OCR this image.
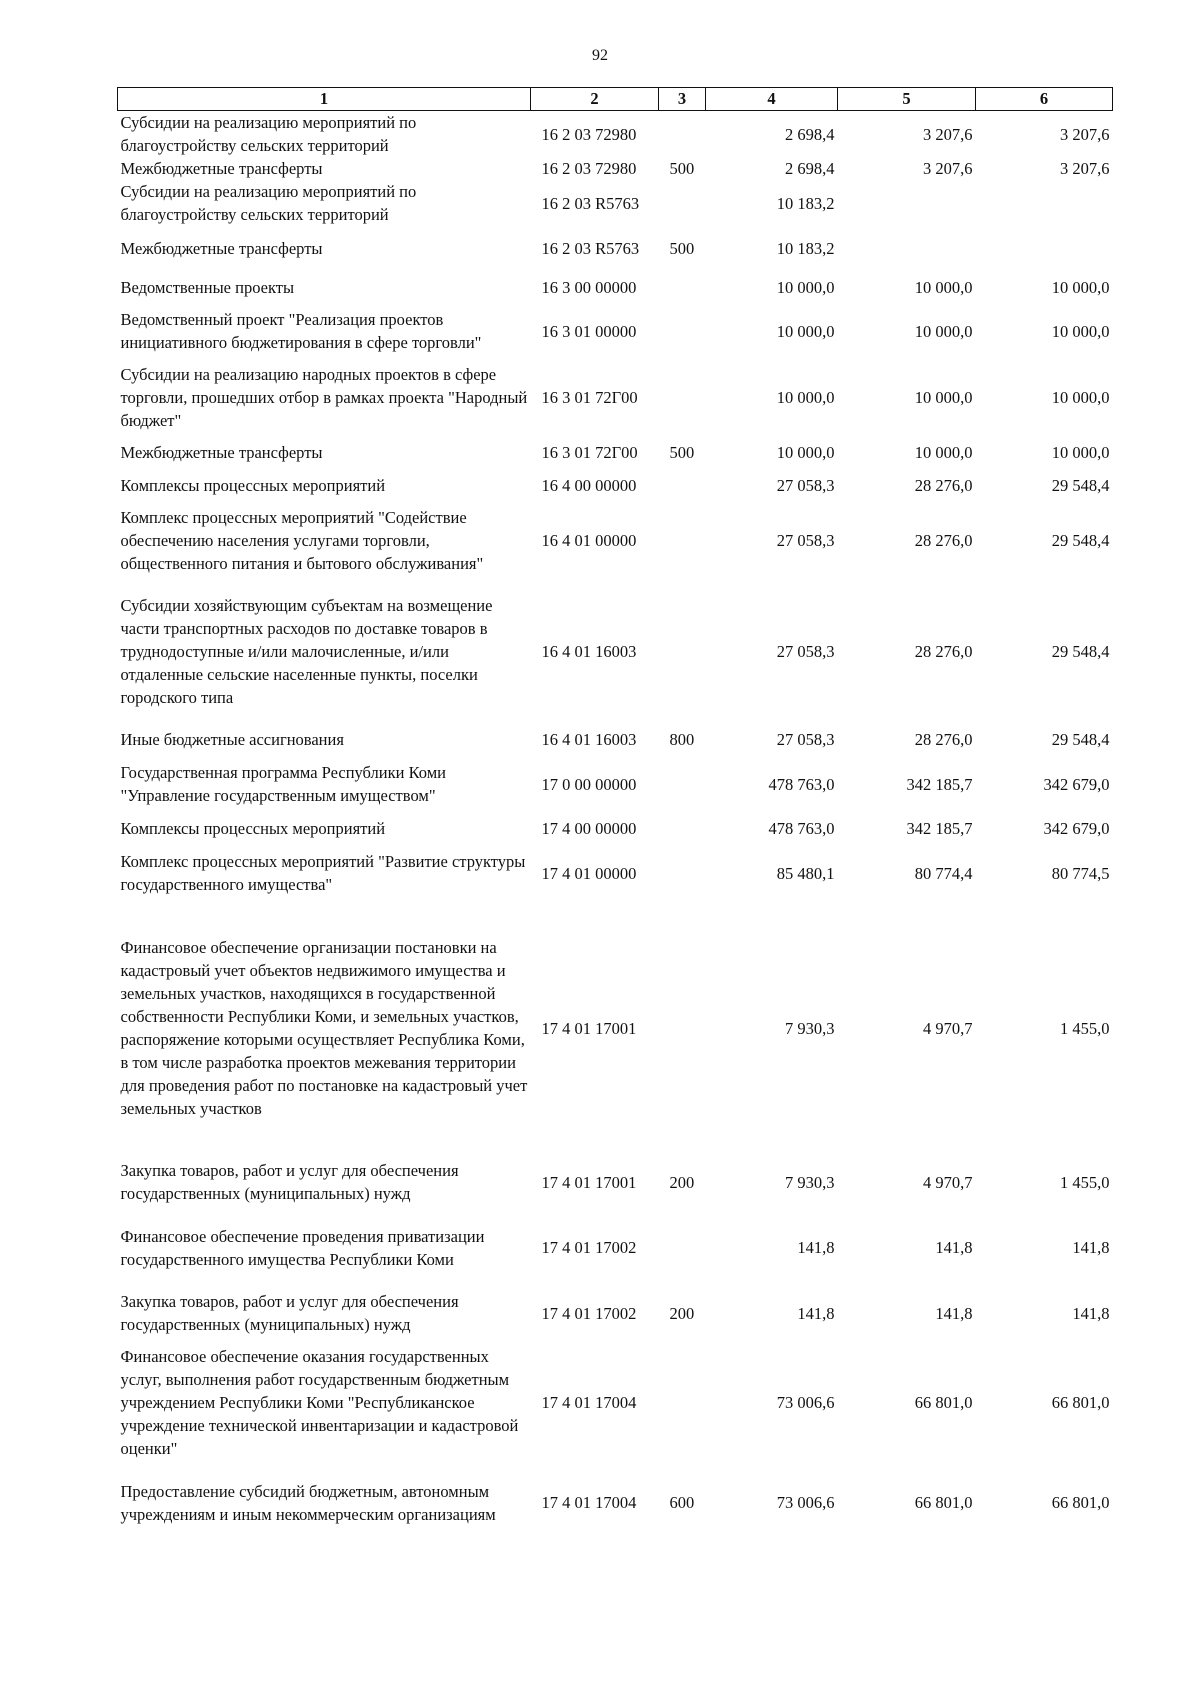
92
1	2	3	4	5	6
Субсидии на реализацию мероприятий по благоустройству сельских территорий	16 2 03 72980		2 698,4	3 207,6	3 207,6
Межбюджетные трансферты	16 2 03 72980	500	2 698,4	3 207,6	3 207,6
Субсидии на реализацию мероприятий по благоустройству сельских территорий	16 2 03 R5763		10 183,2		
Межбюджетные трансферты	16 2 03 R5763	500	10 183,2		
Ведомственные проекты	16 3 00 00000		10 000,0	10 000,0	10 000,0
Ведомственный проект "Реализация проектов инициативного бюджетирования в сфере торговли"	16 3 01 00000		10 000,0	10 000,0	10 000,0
Субсидии на реализацию народных проектов в сфере торговли, прошедших отбор в рамках проекта "Народный бюджет"	16 3 01 72Г00		10 000,0	10 000,0	10 000,0
Межбюджетные трансферты	16 3 01 72Г00	500	10 000,0	10 000,0	10 000,0
Комплексы процессных мероприятий	16 4 00 00000		27 058,3	28 276,0	29 548,4
Комплекс процессных мероприятий "Содействие обеспечению населения услугами торговли, общественного питания и бытового обслуживания"	16 4 01 00000		27 058,3	28 276,0	29 548,4
Субсидии хозяйствующим субъектам на возмещение части транспортных расходов по доставке товаров в труднодоступные и/или малочисленные, и/или отдаленные сельские населенные пункты, поселки городского типа	16 4 01 16003		27 058,3	28 276,0	29 548,4
Иные бюджетные ассигнования	16 4 01 16003	800	27 058,3	28 276,0	29 548,4
Государственная программа Республики Коми "Управление государственным имуществом"	17 0 00 00000		478 763,0	342 185,7	342 679,0
Комплексы процессных мероприятий	17 4 00 00000		478 763,0	342 185,7	342 679,0
Комплекс процессных мероприятий "Развитие структуры государственного имущества"	17 4 01 00000		85 480,1	80 774,4	80 774,5
Финансовое обеспечение организации постановки на кадастровый учет объектов недвижимого имущества и земельных участков, находящихся в государственной собственности Республики Коми, и земельных участков, распоряжение которыми осуществляет Республика Коми, в том числе разработка проектов межевания территории для проведения работ по постановке на кадастровый учет земельных участков	17 4 01 17001		7 930,3	4 970,7	1 455,0
Закупка товаров, работ и услуг для обеспечения государственных (муниципальных) нужд	17 4 01 17001	200	7 930,3	4 970,7	1 455,0
Финансовое обеспечение проведения приватизации государственного имущества Республики Коми	17 4 01 17002		141,8	141,8	141,8
Закупка товаров, работ и услуг для обеспечения государственных (муниципальных) нужд	17 4 01 17002	200	141,8	141,8	141,8
Финансовое обеспечение оказания государственных услуг, выполнения работ государственным бюджетным учреждением Республики Коми "Республиканское учреждение технической инвентаризации и кадастровой оценки"	17 4 01 17004		73 006,6	66 801,0	66 801,0
Предоставление субсидий бюджетным, автономным учреждениям и иным некоммерческим организациям	17 4 01 17004	600	73 006,6	66 801,0	66 801,0
